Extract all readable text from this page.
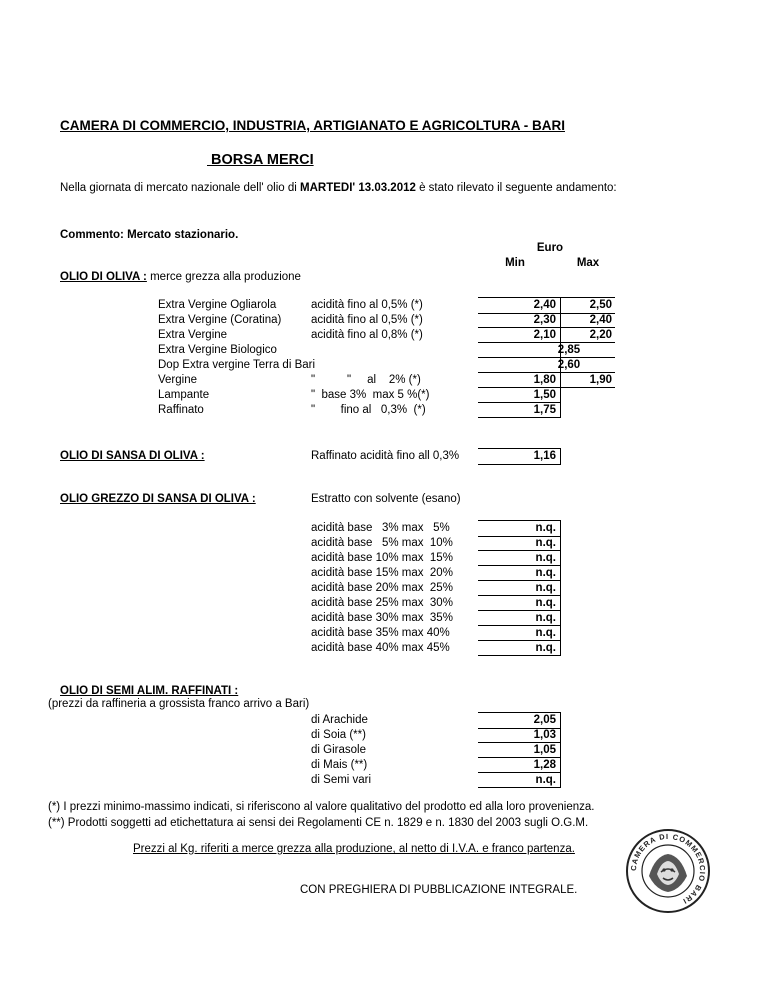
CAMERA DI COMMERCIO, INDUSTRIA, ARTIGIANATO E AGRICOLTURA - BARI
BORSA MERCI
Nella giornata di mercato nazionale dell' olio di MARTEDI' 13.03.2012 è stato rilevato il seguente andamento:
Commento: Mercato stazionario.
Euro
Min	Max
OLIO DI OLIVA : merce grezza alla produzione
Extra Vergine Ogliarola	acidità fino al 0,5% (*)	2,40	2,50
Extra Vergine (Coratina)	acidità fino al 0,5% (*)	2,30	2,40
Extra Vergine	acidità fino al 0,8% (*)	2,10	2,20
Extra Vergine Biologico	2,85
Dop Extra vergine Terra di Bari	2,60
Vergine	"          "     al    2% (*)	1,80	1,90
Lampante	"  base 3%  max 5 %(*)	1,50
Raffinato	"        fino al   0,3%  (*)	1,75
OLIO DI SANSA DI OLIVA :	Raffinato acidità fino all 0,3%	1,16
OLIO GREZZO DI SANSA DI OLIVA :	Estratto con solvente (esano)
acidità base   3% max   5%	n.q.
acidità base   5% max  10%	n.q.
acidità base 10% max  15%	n.q.
acidità base 15% max  20%	n.q.
acidità base 20% max  25%	n.q.
acidità base 25% max  30%	n.q.
acidità base 30% max  35%	n.q.
acidità base 35% max 40%	n.q.
acidità base 40% max 45%	n.q.
OLIO DI SEMI ALIM. RAFFINATI :
(prezzi da raffineria a grossista franco arrivo a Bari)
di Arachide	2,05
di Soia (**)	1,03
di Girasole	1,05
di Mais (**)	1,28
di Semi vari	n.q.
(*) I prezzi minimo-massimo indicati, si riferiscono al valore qualitativo del prodotto ed alla loro provenienza.
(**) Prodotti soggetti ad etichettatura ai sensi dei Regolamenti CE n. 1829 e n. 1830 del 2003 sugli O.G.M.
Prezzi al Kg. riferiti a merce grezza alla produzione, al netto di I.V.A. e franco partenza.
CON PREGHIERA DI PUBBLICAZIONE INTEGRALE.
CAMERA DI COMMERCIO BARI
